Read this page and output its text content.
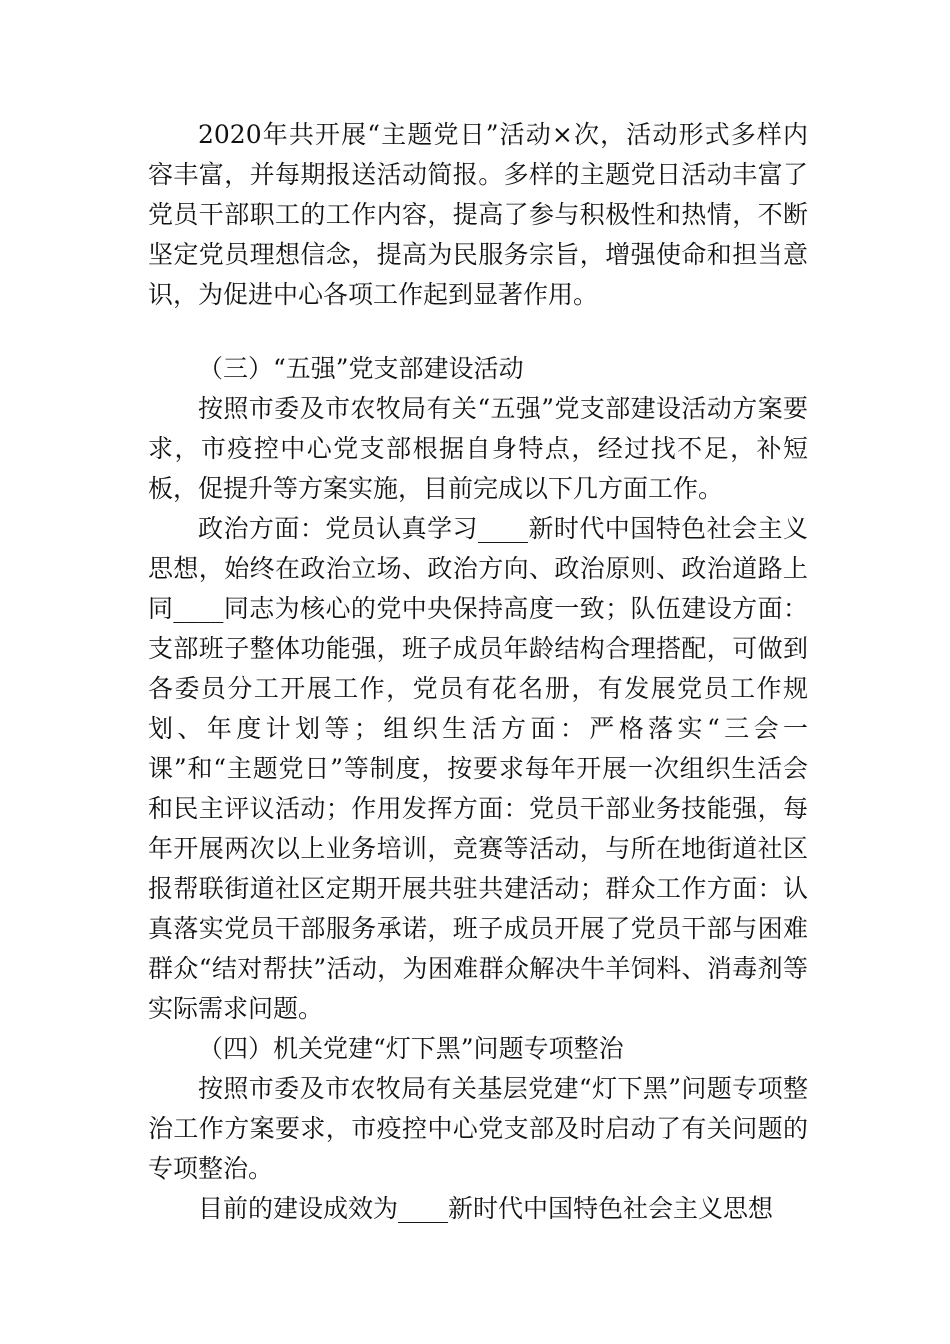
2020年共开展“主题党日”活动×次，活动形式多样内容丰富，并每期报送活动简报。多样的主题党日活动丰富了党员干部职工的工作内容，提高了参与积极性和热情，不断坚定党员理想信念，提高为民服务宗旨，增强使命和担当意识，为促进中心各项工作起到显著作用。

（三）“五强”党支部建设活动

按照市委及市农牧局有关“五强”党支部建设活动方案要求，市疫控中心党支部根据自身特点，经过找不足，补短板，促提升等方案实施，目前完成以下几方面工作。

政治方面：党员认真学习____新时代中国特色社会主义思想，始终在政治立场、政治方向、政治原则、政治道路上同____同志为核心的党中央保持高度一致；队伍建设方面：支部班子整体功能强，班子成员年龄结构合理搭配，可做到各委员分工开展工作，党员有花名册，有发展党员工作规划、年度计划等；组织生活方面：严格落实“三会一课”和“主题党日”等制度，按要求每年开展一次组织生活会和民主评议活动；作用发挥方面：党员干部业务技能强，每年开展两次以上业务培训，竞赛等活动，与所在地街道社区报帮联街道社区定期开展共驻共建活动；群众工作方面：认真落实党员干部服务承诺，班子成员开展了党员干部与困难群众“结对帮扶”活动，为困难群众解决牛羊饲料、消毒剂等实际需求问题。

（四）机关党建“灯下黑”问题专项整治

按照市委及市农牧局有关基层党建“灯下黑”问题专项整治工作方案要求，市疫控中心党支部及时启动了有关问题的专项整治。

目前的建设成效为____新时代中国特色社会主义思想
